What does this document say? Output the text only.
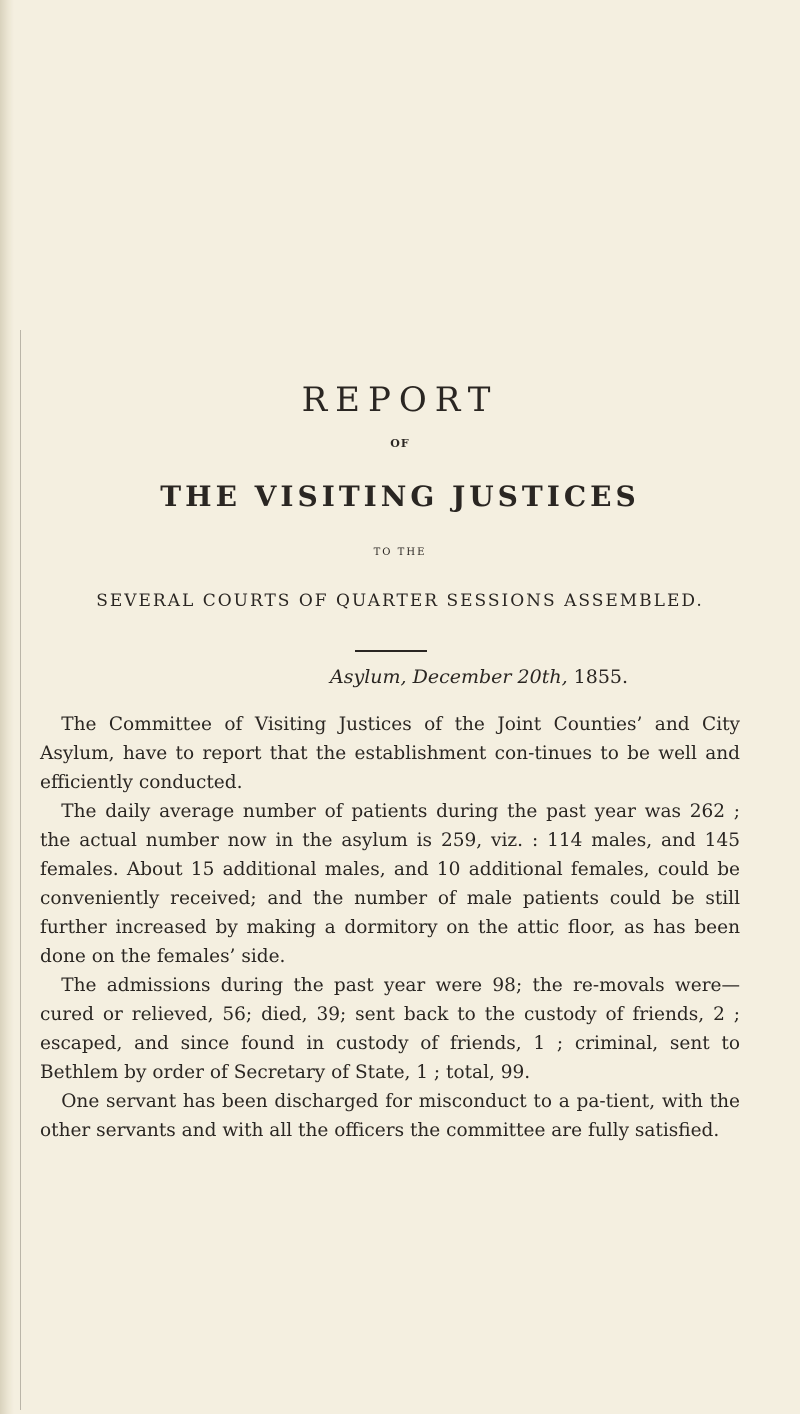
REPORT
OF
THE VISITING JUSTICES
TO THE
SEVERAL COURTS OF QUARTER SESSIONS ASSEMBLED.
Asylum, December 20th, 1855.

The Committee of Visiting Justices of the Joint Counties’ and City Asylum, have to report that the establishment con-tinues to be well and efficiently conducted.

The daily average number of patients during the past year was 262 ; the actual number now in the asylum is 259, viz. : 114 males, and 145 females. About 15 additional males, and 10 additional females, could be conveniently received; and the number of male patients could be still further increased by making a dormitory on the attic floor, as has been done on the females’ side.

The admissions during the past year were 98; the re-movals were—cured or relieved, 56; died, 39; sent back to the custody of friends, 2 ; escaped, and since found in custody of friends, 1 ; criminal, sent to Bethlem by order of Secretary of State, 1 ; total, 99.

One servant has been discharged for misconduct to a pa-tient, with the other servants and with all the officers the committee are fully satisfied.
